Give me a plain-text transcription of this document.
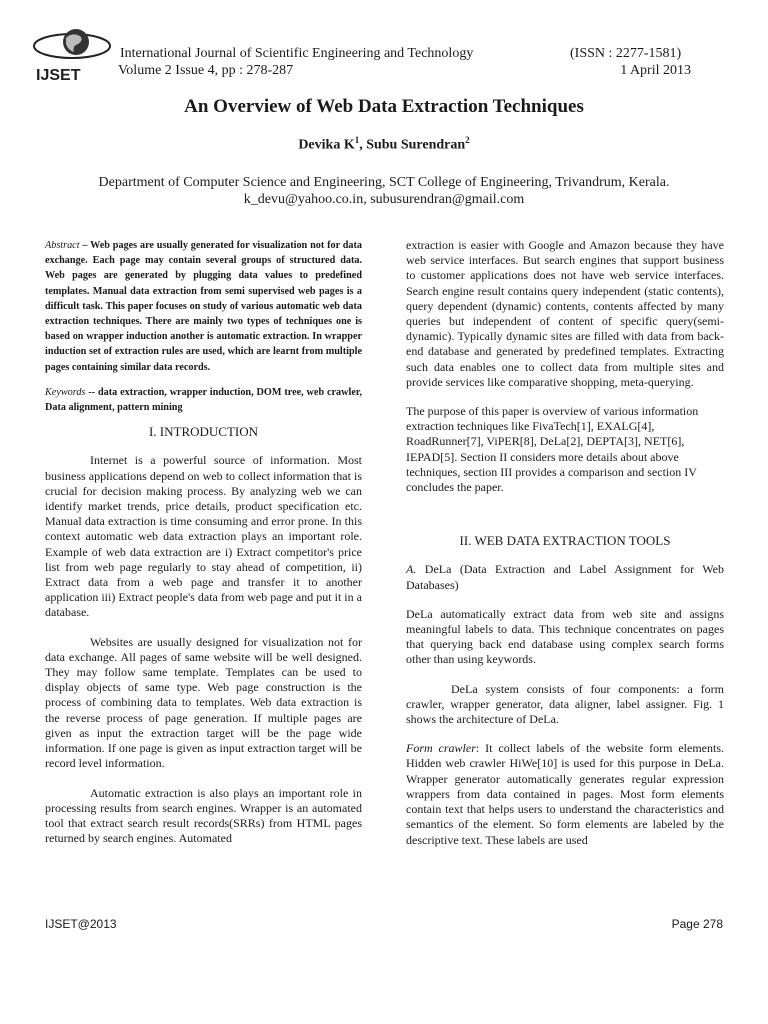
IJSET
International Journal of Scientific Engineering and Technology
Volume 2 Issue 4, pp : 278-287
(ISSN : 2277-1581)
1 April 2013
An Overview of Web Data Extraction Techniques
Devika $K^1$, Subu Surendran$^2$
Department of Computer Science and Engineering, SCT College of Engineering, Trivandrum, Kerala.
k_devu@yahoo.co.in, subusurendran@gmail.com

Abstract – Web pages are usually generated for visualization not for data exchange. Each page may contain several groups of structured data. Web pages are generated by plugging data values to predefined templates. Manual data extraction from semi supervised web pages is a difficult task. This paper focuses on study of various automatic web data extraction techniques. There are mainly two types of techniques one is based on wrapper induction another is automatic extraction. In wrapper induction set of extraction rules are used, which are learnt from multiple pages containing similar data records.

Keywords -- data extraction, wrapper induction, DOM tree, web crawler, Data alignment, pattern mining

I. INTRODUCTION

Internet is a powerful source of information. Most business applications depend on web to collect information that is crucial for decision making process. By analyzing web we can identify market trends, price details, product specification etc. Manual data extraction is time consuming and error prone. In this context automatic web data extraction plays an important role. Example of web data extraction are i) Extract competitor's price list from web page regularly to stay ahead of competition, ii) Extract data from a web page and transfer it to another application iii) Extract people's data from web page and put it in a database.

Websites are usually designed for visualization not for data exchange. All pages of same website will be well designed. They may follow same template. Templates can be used to display objects of same type. Web page construction is the process of combining data to templates. Web data extraction is the reverse process of page generation. If multiple pages are given as input the extraction target will be the page wide information. If one page is given as input extraction target will be record level information.

Automatic extraction is also plays an important role in processing results from search engines. Wrapper is an automated tool that extract search result records(SRRs) from HTML pages returned by search engines. Automated

extraction is easier with Google and Amazon because they have web service interfaces. But search engines that support business to customer applications does not have web service interfaces. Search engine result contains query independent (static contents), query dependent (dynamic) contents, contents affected by many queries but independent of content of specific query(semi-dynamic). Typically dynamic sites are filled with data from back-end database and generated by predefined templates. Extracting such data enables one to collect data from multiple sites and provide services like comparative shopping, meta-querying.

The purpose of this paper is overview of various information extraction techniques like FivaTech[1], EXALG[4], RoadRunner[7], ViPER[8], DeLa[2], DEPTA[3], NET[6], IEPAD[5]. Section II considers more details about above techniques, section III provides a comparison and section IV concludes the paper.

II. WEB DATA EXTRACTION TOOLS

A. DeLa (Data Extraction and Label Assignment for Web Databases)

DeLa automatically extract data from web site and assigns meaningful labels to data. This technique concentrates on pages that querying back end database using complex search forms other than using keywords.

DeLa system consists of four components: a form crawler, wrapper generator, data aligner, label assigner. Fig. 1 shows the architecture of DeLa.

Form crawler: It collect labels of the website form elements. Hidden web crawler HiWe[10] is used for this purpose in DeLa. Wrapper generator automatically generates regular expression wrappers from data contained in pages. Most form elements contain text that helps users to understand the characteristics and semantics of the element. So form elements are labeled by the descriptive text. These labels are used

IJSET@2013	Page 278
